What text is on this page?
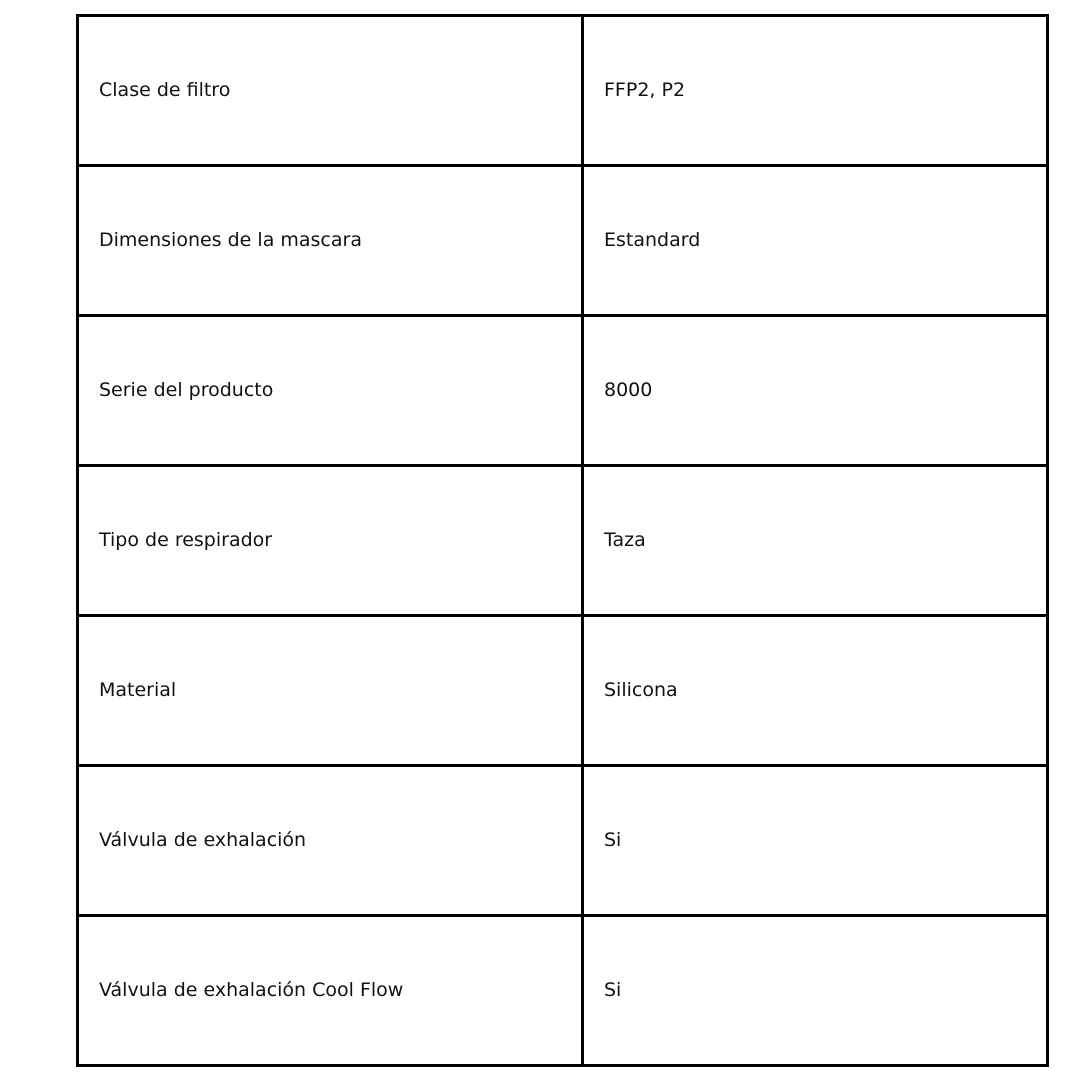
Clase de filtro	FFP2, P2
Dimensiones de la mascara	Estandard
Serie del producto	8000
Tipo de respirador	Taza
Material	Silicona
Válvula de exhalación	Si
Válvula de exhalación Cool Flow	Si
